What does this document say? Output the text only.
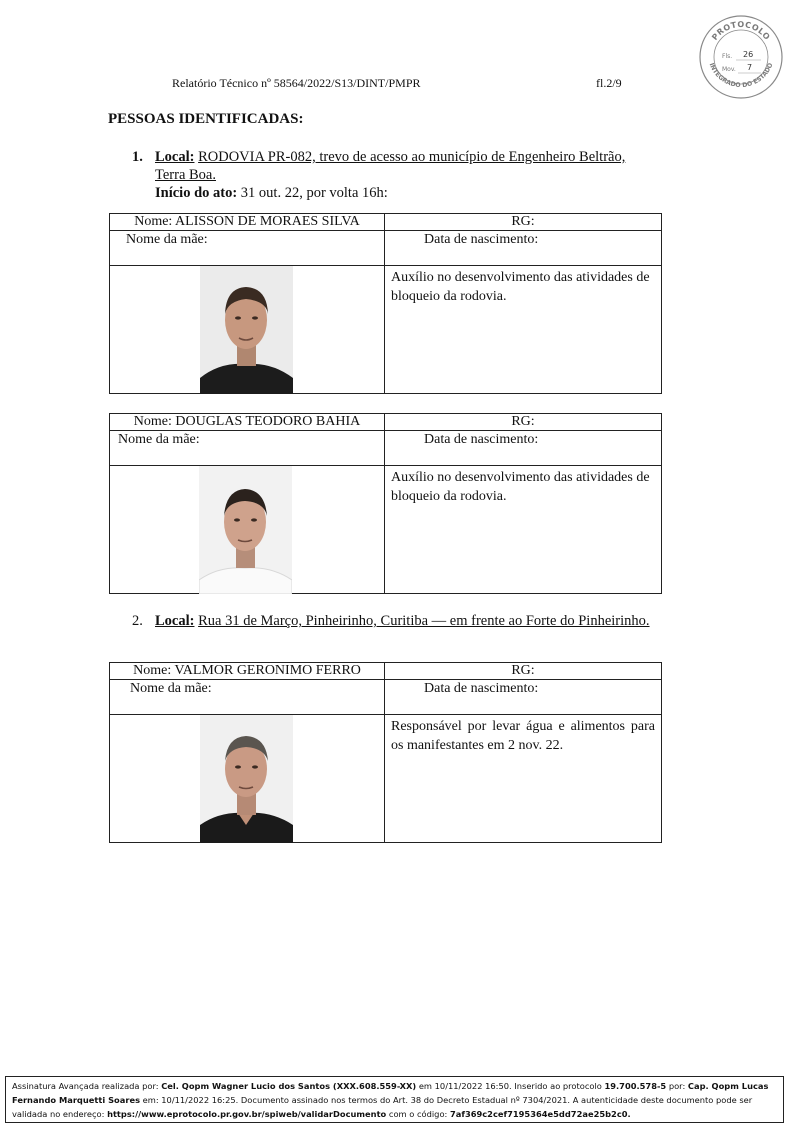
Relatório Técnico nº 58564/2022/S13/DINT/PMPR	fl.2/9
PROTOCOLO
INTEGRADO DO ESTADO
Fls. 26
Mov. 7
PESSOAS IDENTIFICADAS:
1. Local: RODOVIA PR-082, trevo de acesso ao município de Engenheiro Beltrão,
Terra Boa.
Início do ato: 31 out. 22, por volta 16h:
Nome: ALISSON DE MORAES SILVA	RG:
Nome da mãe:	Data de nascimento:

	Auxílio no desenvolvimento das atividades de bloqueio da rodovia.
Nome: DOUGLAS TEODORO BAHIA	RG:
Nome da mãe:	Data de nascimento:

	Auxílio no desenvolvimento das atividades de bloqueio da rodovia.
2. Local: Rua 31 de Março, Pinheirinho, Curitiba — em frente ao Forte do Pinheirinho.
Nome: VALMOR GERONIMO FERRO	RG:
Nome da mãe:	Data de nascimento:

	Responsável por levar água e alimentos para os manifestantes em 2 nov. 22.
Assinatura Avançada realizada por: Cel. Qopm Wagner Lucio dos Santos (XXX.608.559-XX) em 10/11/2022 16:50. Inserido ao protocolo 19.700.578-5 por: Cap. Qopm Lucas Fernando Marquetti Soares em: 10/11/2022 16:25. Documento assinado nos termos do Art. 38 do Decreto Estadual nº 7304/2021. A autenticidade deste documento pode ser validada no endereço: https://www.eprotocolo.pr.gov.br/spiweb/validarDocumento com o código: 7af369c2cef7195364e5dd72ae25b2c0.
